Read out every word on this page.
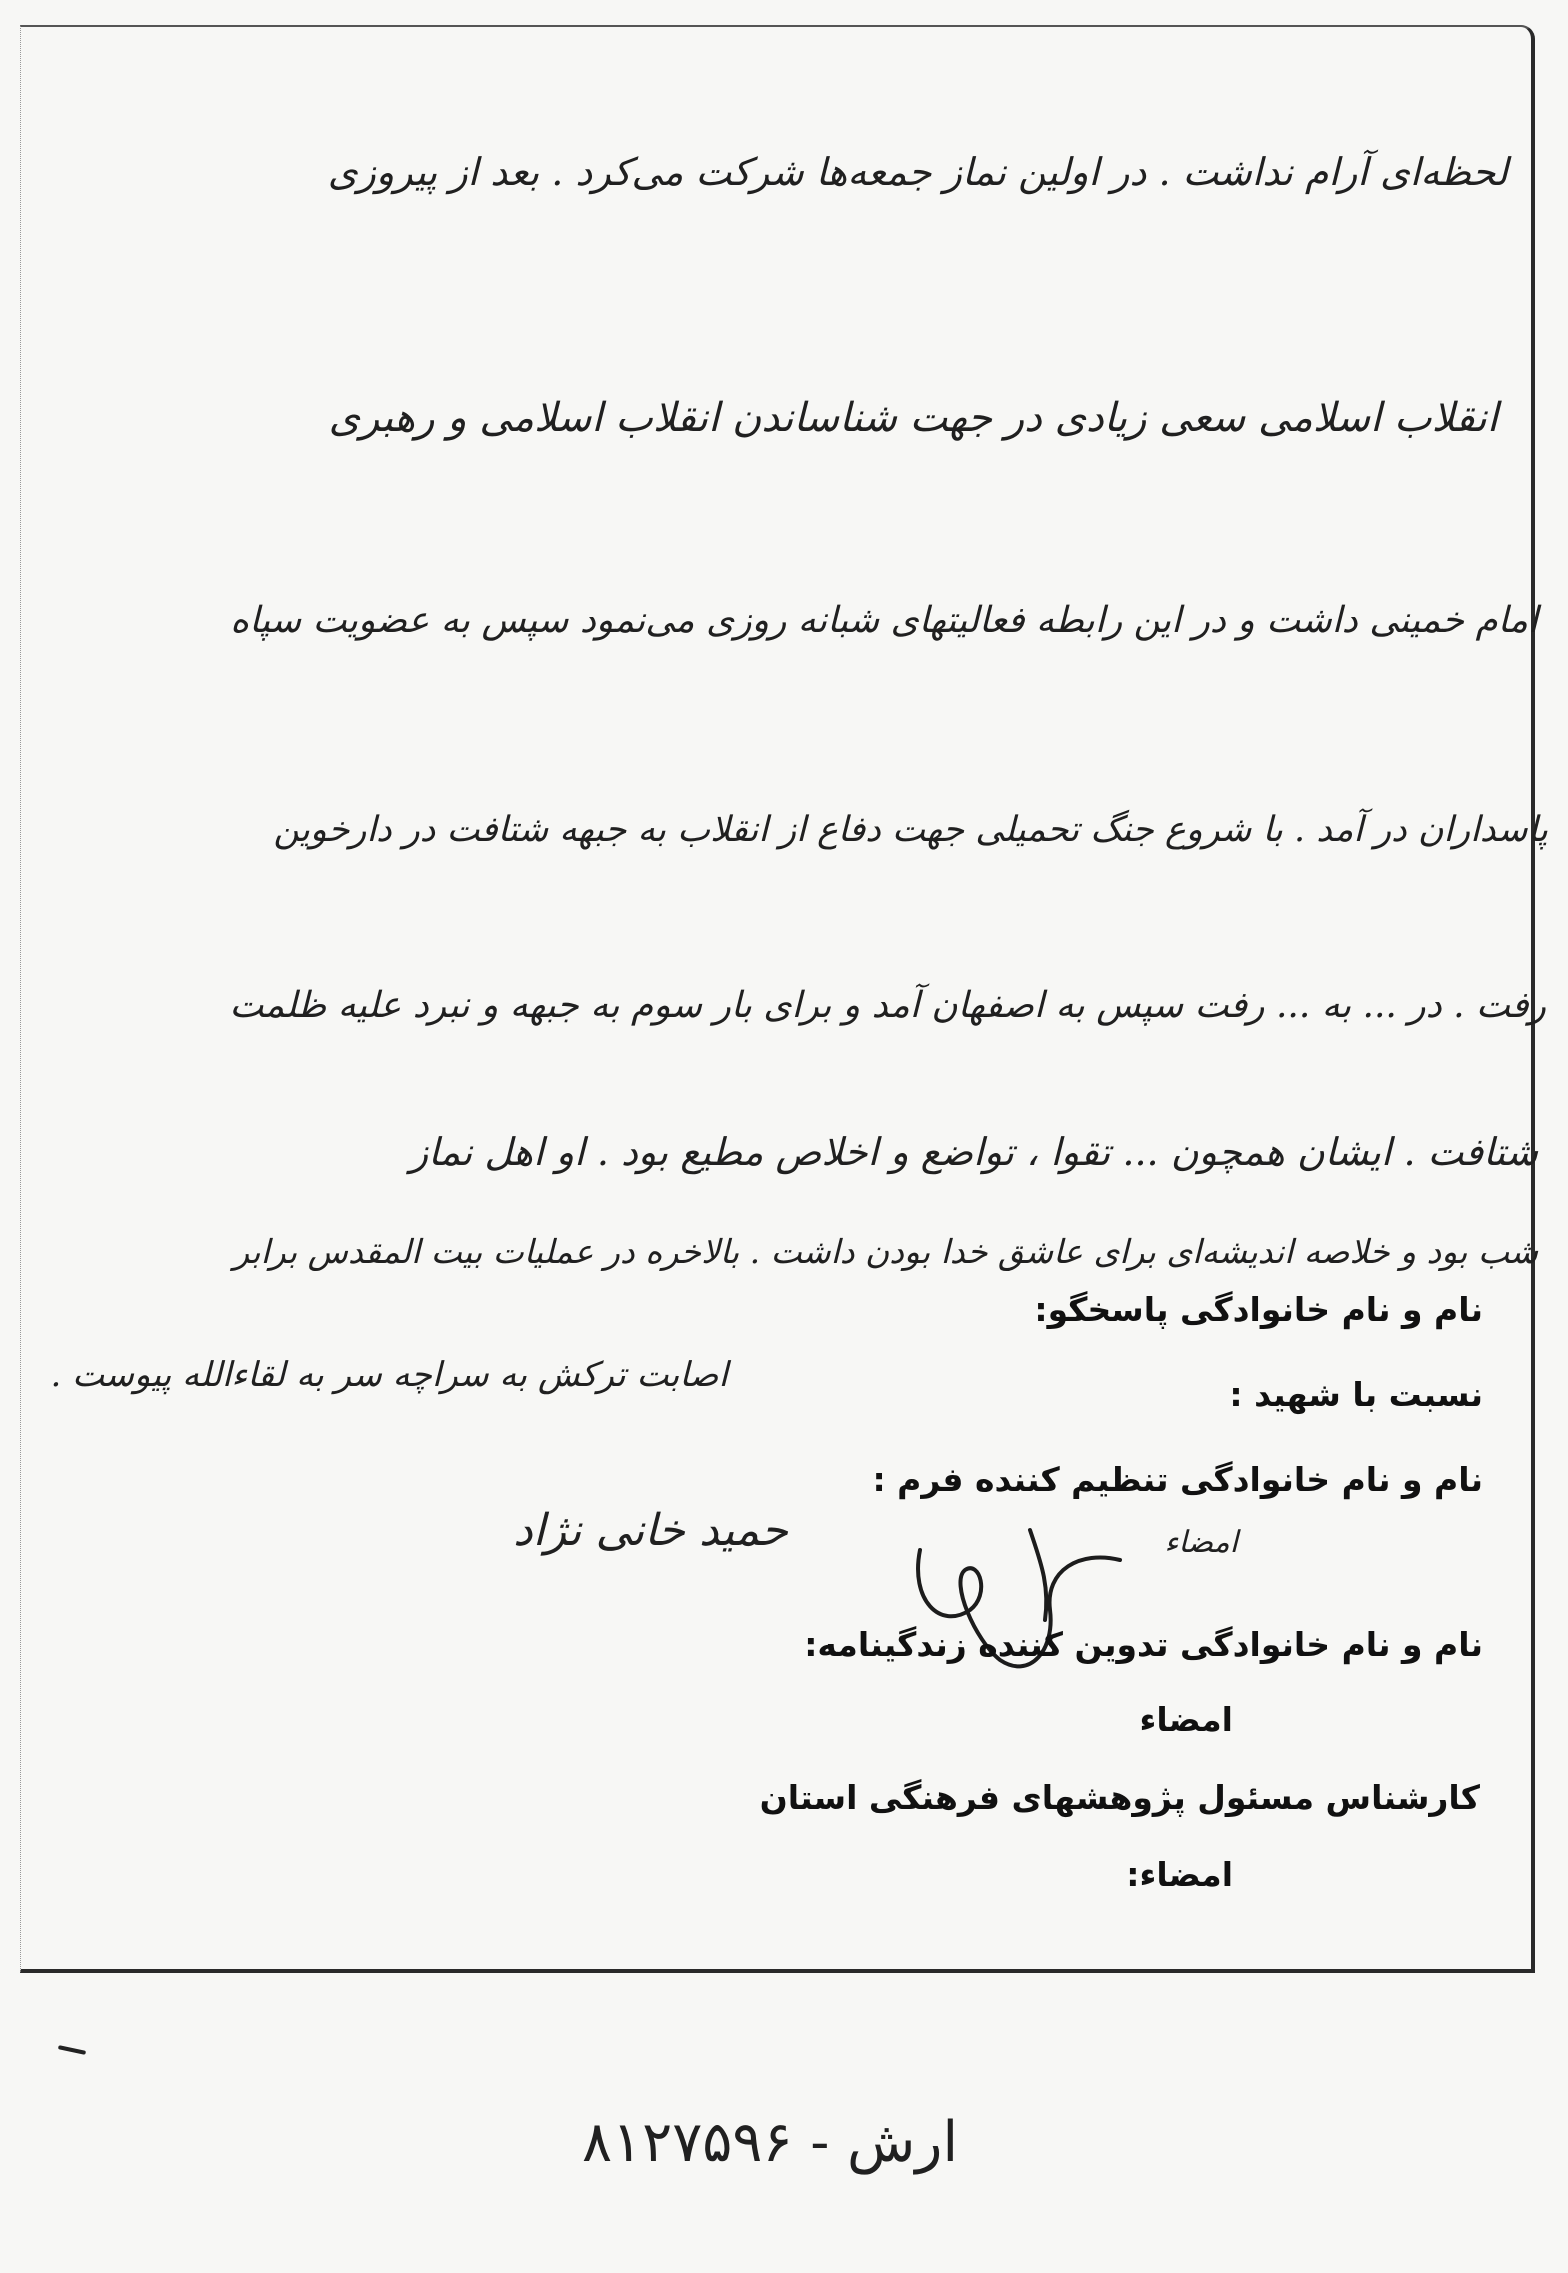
لحظه‌ای آرام نداشت . در اولین نماز جمعه‌ها شرکت می‌کرد . بعد از پیروزی
انقلاب اسلامی سعی زیادی در جهت شناساندن انقلاب اسلامی و رهبری
امام خمینی داشت و در این رابطه فعالیتهای شبانه روزی می‌نمود سپس به عضویت سپاه
پاسداران در آمد . با شروع جنگ تحمیلی جهت دفاع از انقلاب به جبهه شتافت در دارخوین
رفت . در ... به ... رفت سپس به اصفهان آمد و برای بار سوم به جبهه و نبرد علیه ظلمت
شتافت . ایشان همچون ... تقوا ، تواضع و اخلاص مطیع بود . او اهل نماز
شب بود و خلاصه اندیشه‌ای برای عاشق خدا بودن داشت . بالاخره در عملیات بیت المقدس برابر
اصابت ترکش به سراچه سر به لقاءالله پیوست .
نام و نام خانوادگی پاسخگو:
نسبت با شهید :
نام و نام خانوادگی تنظیم کننده فرم :
حمید خانی نژاد	امضاء
نام و نام خانوادگی تدوین کننده زندگینامه:
امضاء
کارشناس مسئول پژوهشهای فرهنگی استان
امضاء:
ارش - ۸۱۲۷۵۹۶
